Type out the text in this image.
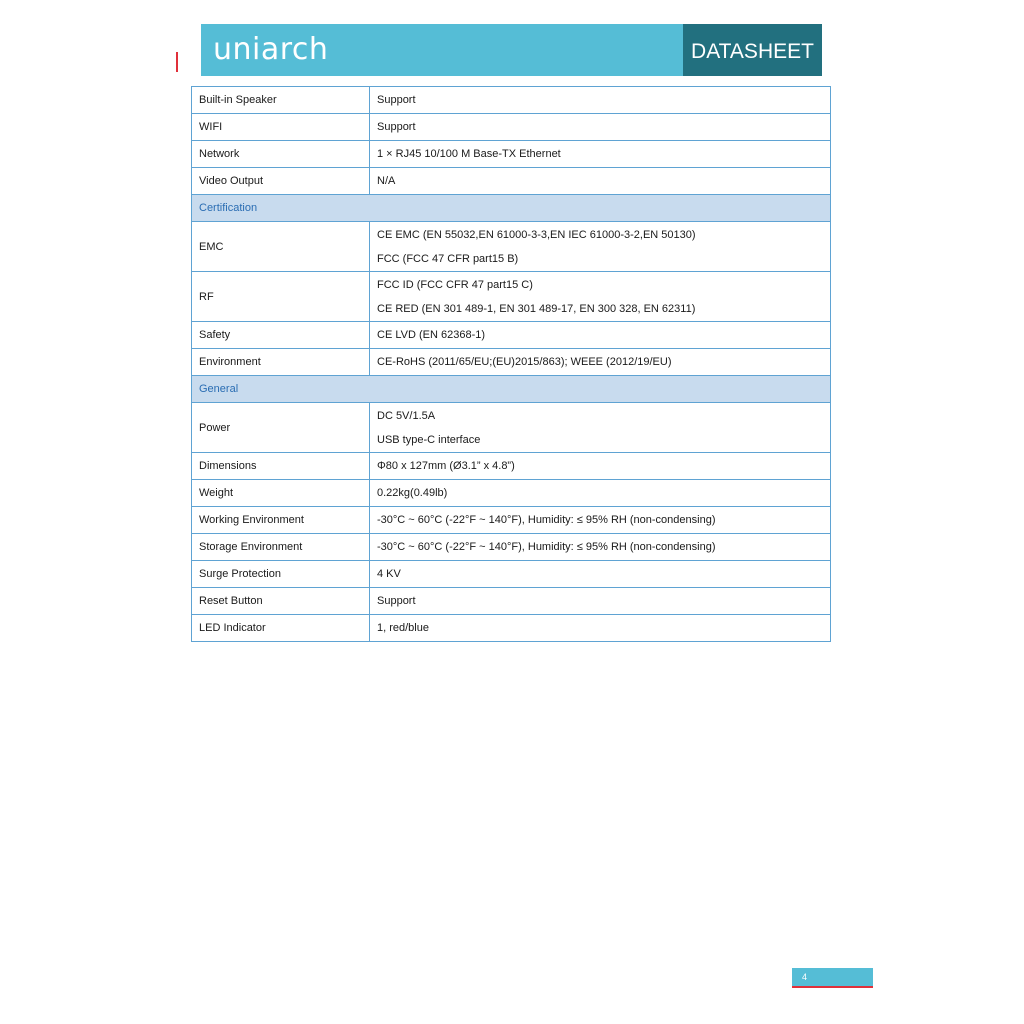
uniarch	DATASHEET
Built-in Speaker	Support

WIFI	Support

Network	1 × RJ45 10/100 M Base-TX Ethernet

Video Output	N/A

Certification	
EMC	CE EMC (EN 55032,EN 61000-3-3,EN IEC 61000-3-2,EN 50130)
FCC (FCC 47 CFR part15 B)

RF	FCC ID (FCC CFR 47 part15 C)
CE RED (EN 301 489-1, EN 301 489-17, EN 300 328, EN 62311)

Safety	CE LVD (EN 62368-1)

Environment	CE-RoHS (2011/65/EU;(EU)2015/863); WEEE (2012/19/EU)

General	
Power	DC 5V/1.5A
USB type-C interface

Dimensions	Φ80 x 127mm (Ø3.1” x 4.8”)

Weight	0.22kg(0.49lb)

Working Environment	-30°C ~ 60°C (-22°F ~ 140°F), Humidity: ≤ 95% RH (non-condensing)

Storage Environment	-30°C ~ 60°C (-22°F ~ 140°F), Humidity: ≤ 95% RH (non-condensing)

Surge Protection	4 KV

Reset Button	Support

LED Indicator	1, red/blue
4
